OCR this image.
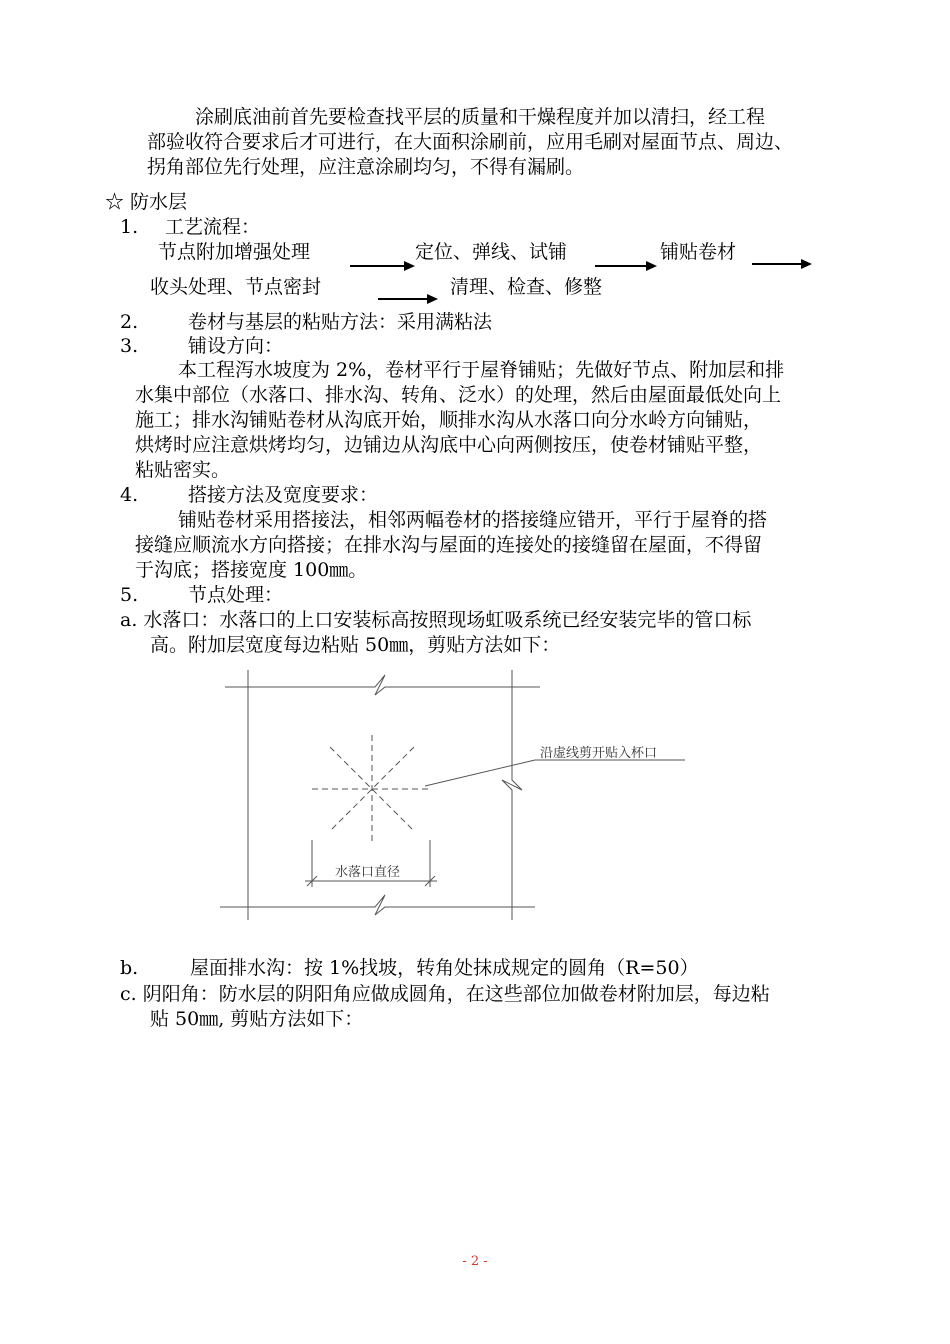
涂刷底油前首先要检查找平层的质量和干燥程度并加以清扫，经工程

部验收符合要求后才可进行，在大面积涂刷前，应用毛刷对屋面节点、周边、

拐角部位先行处理，应注意涂刷均匀，不得有漏刷。

☆ 防水层

1. 工艺流程：

节点附加增强处理	定位、弹线、试铺	铺贴卷材

收头处理、节点密封	清理、检查、修整

2.	卷材与基层的粘贴方法：采用满粘法

3.	铺设方向：

本工程泻水坡度为 2%，卷材平行于屋脊铺贴；先做好节点、附加层和排

水集中部位（水落口、排水沟、转角、泛水）的处理，然后由屋面最低处向上

施工；排水沟铺贴卷材从沟底开始，顺排水沟从水落口向分水岭方向铺贴，

烘烤时应注意烘烤均匀，边铺边从沟底中心向两侧按压，使卷材铺贴平整，

粘贴密实。

4.	搭接方法及宽度要求：

铺贴卷材采用搭接法，相邻两幅卷材的搭接缝应错开，平行于屋脊的搭

接缝应顺流水方向搭接；在排水沟与屋面的连接处的接缝留在屋面，不得留

于沟底；搭接宽度 100㎜。

5.	节点处理：

a. 水落口：水落口的上口安装标高按照现场虹吸系统已经安装完毕的管口标

高。附加层宽度每边粘贴 50㎜，剪贴方法如下：

沿虚线剪开贴入杯口
水落口直径

b.	屋面排水沟：按 1%找坡，转角处抹成规定的圆角（R=50）

c. 阴阳角：防水层的阴阳角应做成圆角，在这些部位加做卷材附加层，每边粘

贴 50㎜, 剪贴方法如下：

- 2 -
